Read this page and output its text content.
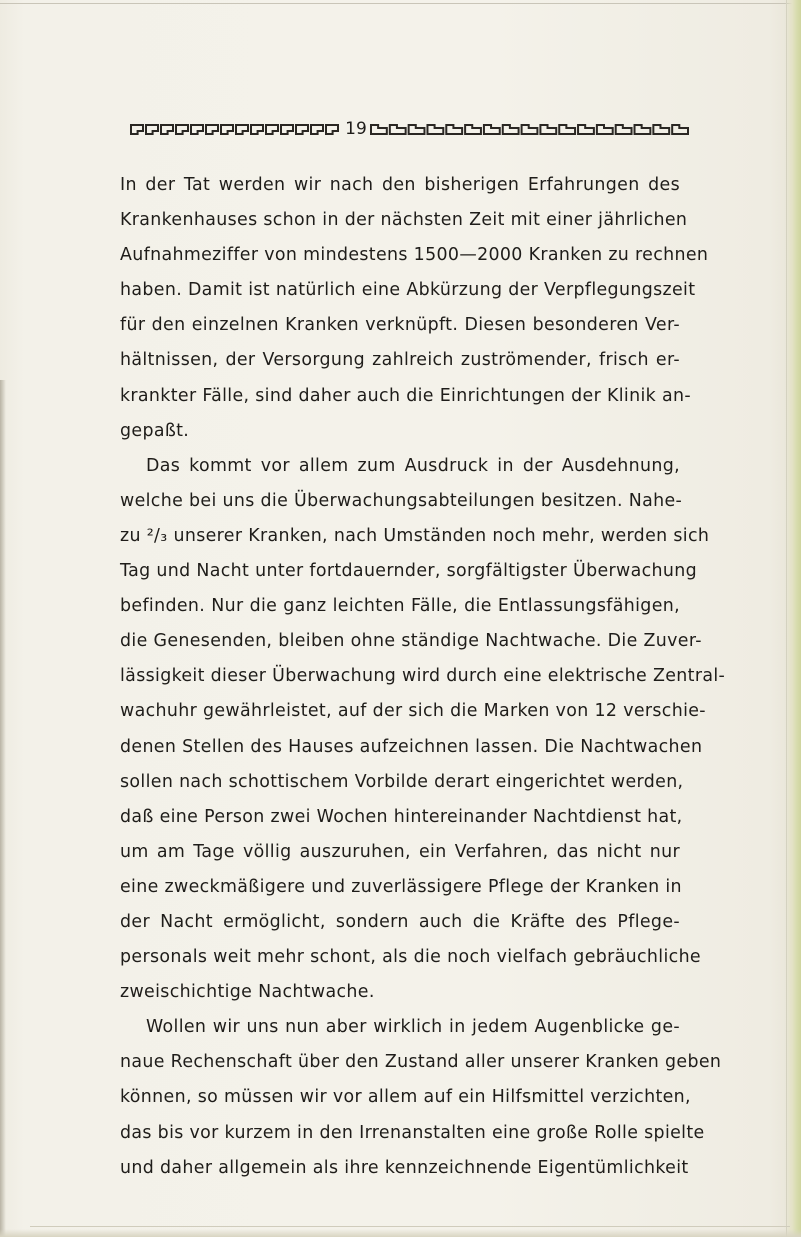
19
In der Tat werden wir nach den bisherigen Erfahrungen des
Krankenhauses schon in der nächsten Zeit mit einer jährlichen
Aufnahmeziffer von mindestens 1500—2000 Kranken zu rechnen
haben. Damit ist natürlich eine Abkürzung der Verpflegungszeit
für den einzelnen Kranken verknüpft. Diesen besonderen Ver-
hältnissen, der Versorgung zahlreich zuströmender, frisch er-
krankter Fälle, sind daher auch die Einrichtungen der Klinik an-
gepaßt.
Das kommt vor allem zum Ausdruck in der Ausdehnung,
welche bei uns die Überwachungsabteilungen besitzen. Nahe-
zu ²/₃ unserer Kranken, nach Umständen noch mehr, werden sich
Tag und Nacht unter fortdauernder, sorgfältigster Überwachung
befinden. Nur die ganz leichten Fälle, die Entlassungsfähigen,
die Genesenden, bleiben ohne ständige Nachtwache. Die Zuver-
lässigkeit dieser Überwachung wird durch eine elektrische Zentral-
wachuhr gewährleistet, auf der sich die Marken von 12 verschie-
denen Stellen des Hauses aufzeichnen lassen. Die Nachtwachen
sollen nach schottischem Vorbilde derart eingerichtet werden,
daß eine Person zwei Wochen hintereinander Nachtdienst hat,
um am Tage völlig auszuruhen, ein Verfahren, das nicht nur
eine zweckmäßigere und zuverlässigere Pflege der Kranken in
der Nacht ermöglicht, sondern auch die Kräfte des Pflege-
personals weit mehr schont, als die noch vielfach gebräuchliche
zweischichtige Nachtwache.
Wollen wir uns nun aber wirklich in jedem Augenblicke ge-
naue Rechenschaft über den Zustand aller unserer Kranken geben
können, so müssen wir vor allem auf ein Hilfsmittel verzichten,
das bis vor kurzem in den Irrenanstalten eine große Rolle spielte
und daher allgemein als ihre kennzeichnende Eigentümlichkeit
